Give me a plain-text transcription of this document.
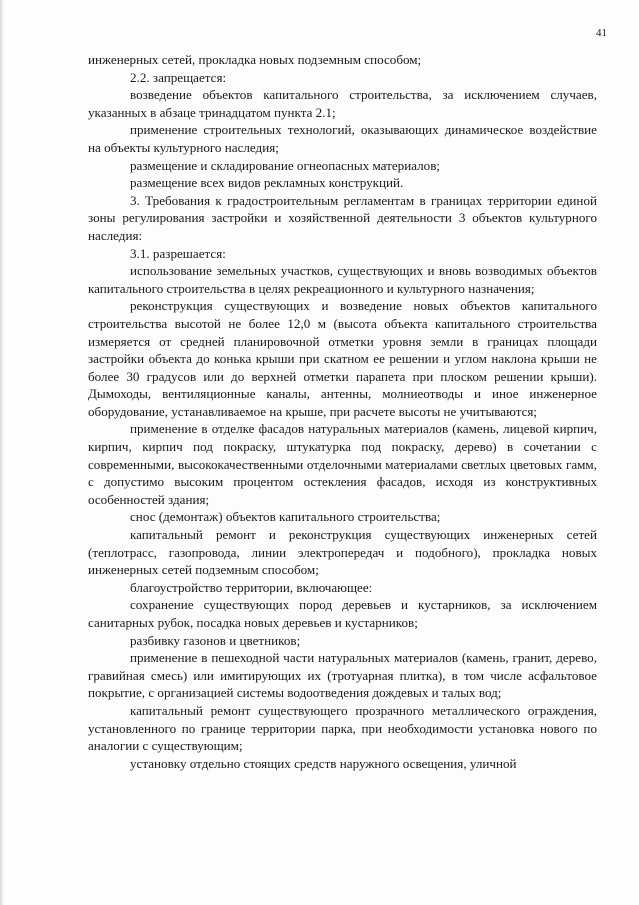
41

инженерных сетей, прокладка новых подземным способом;

2.2. запрещается:

возведение объектов капитального строительства, за исключением случаев, указанных в абзаце тринадцатом пункта 2.1;

применение строительных технологий, оказывающих динамическое воздействие на объекты культурного наследия;

размещение и складирование огнеопасных материалов;

размещение всех видов рекламных конструкций.

3. Требования к градостроительным регламентам в границах территории единой зоны регулирования застройки и хозяйственной деятельности 3 объектов культурного наследия:

3.1. разрешается:

использование земельных участков, существующих и вновь возводимых объектов капитального строительства в целях рекреационного и культурного назначения;

реконструкция существующих и возведение новых объектов капитального строительства высотой не более 12,0 м (высота объекта капитального строительства измеряется от средней планировочной отметки уровня земли в границах площади застройки объекта до конька крыши при скатном ее решении и углом наклона крыши не более 30 градусов или до верхней отметки парапета при плоском решении крыши). Дымоходы, вентиляционные каналы, антенны, молниеотводы и иное инженерное оборудование, устанавливаемое на крыше, при расчете высоты не учитываются;

применение в отделке фасадов натуральных материалов (камень, лицевой кирпич, кирпич, кирпич под покраску, штукатурка под покраску, дерево) в сочетании с современными, высококачественными отделочными материалами светлых цветовых гамм, с допустимо высоким процентом остекления фасадов, исходя из конструктивных особенностей здания;

снос (демонтаж) объектов капитального строительства;

капитальный ремонт и реконструкция существующих инженерных сетей (теплотрасс, газопровода, линии электропередач и подобного), прокладка новых инженерных сетей подземным способом;

благоустройство территории, включающее:

сохранение существующих пород деревьев и кустарников, за исключением санитарных рубок, посадка новых деревьев и кустарников;

разбивку газонов и цветников;

применение в пешеходной части натуральных материалов (камень, гранит, дерево, гравийная смесь) или имитирующих их (тротуарная плитка), в том числе асфальтовое покрытие, с организацией системы водоотведения дождевых и талых вод;

капитальный ремонт существующего прозрачного металлического ограждения, установленного по границе территории парка, при необходимости установка нового по аналогии с существующим;

установку отдельно стоящих средств наружного освещения, уличной
